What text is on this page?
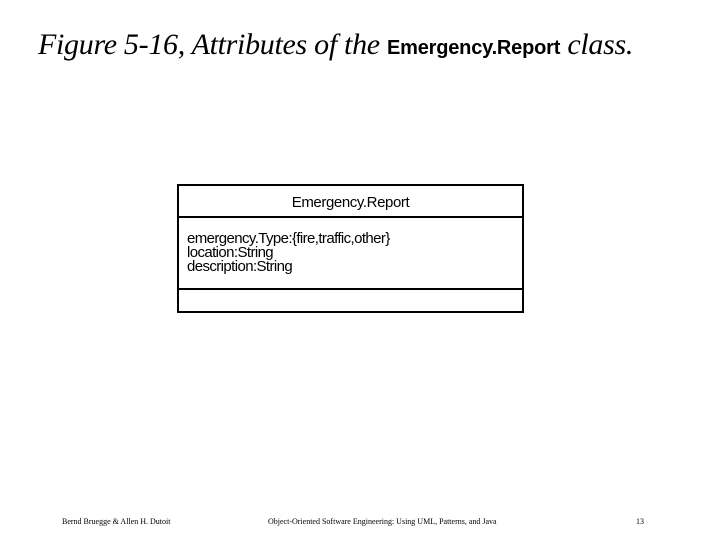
Figure 5-16, Attributes of the Emergency.Report class.
Emergency.Report
emergency.Type:{fire,traffic,other}
location:String
description:String
Bernd Bruegge & Allen H. Dutoit	Object-Oriented Software Engineering: Using UML, Patterns, and Java	13
